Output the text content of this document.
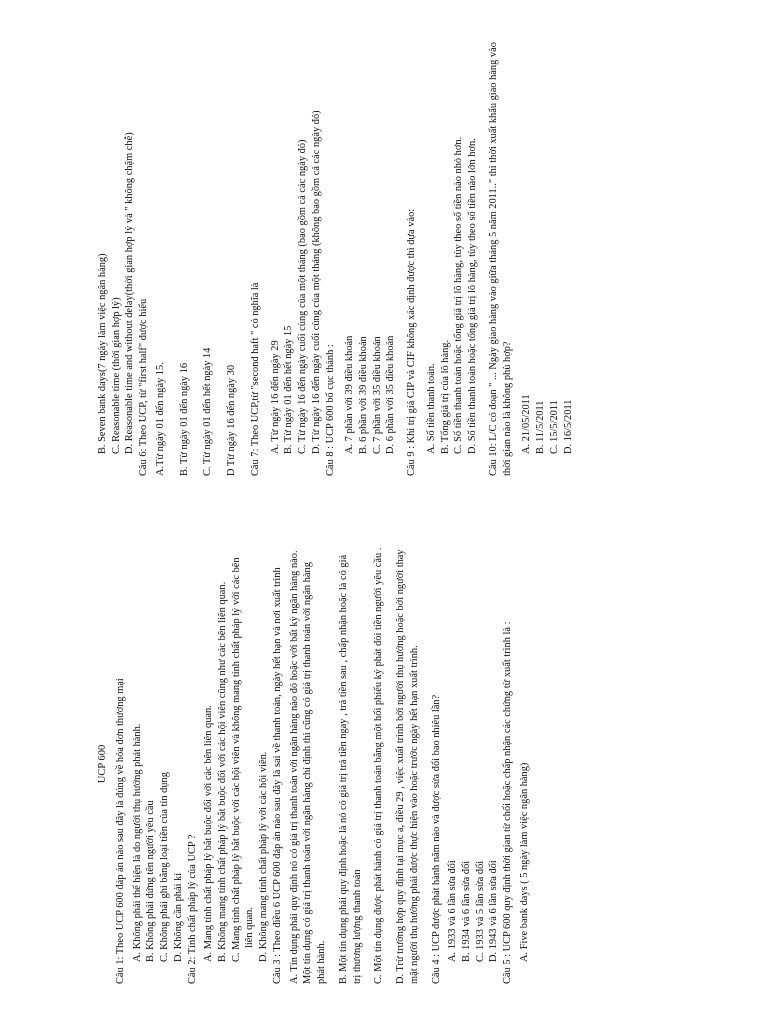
UCP 600 Câu 1: Theo UCP 600 đáp án nào sau đây là đúng về hóa đơn thương mại A. Không phải thể hiện là do người thụ hưởng phát hành. B. Không phải đứng tên người yêu cầu C. Không phải ghi bằng loại tiền của tín dụng D. Không cần phải kí Câu 2: Tính chất pháp lý của UCP ? A. Mang tính chất pháp lý bắt buộc đối với các bên liên quan. B. Không mang tính chất pháp lý bắt buộc đối với các hội viên cũng như các bên liên quan. C. Mang tính chất pháp lý bắt buộc với các hội viên và không mang tính chất pháp lý với các bên liên quan. D. Không mang tính chất pháp lý với các hội viên. Câu 3 : Theo điều 6 UCP 600 đáp án nào sau đây là sai về thanh toán, ngày hết hạn và nơi xuất trình A. Tín dụng phải quy định nó có giá trị thanh toán với ngân hàng nào đó hoặc với bất kỳ ngân hàng nào. Một tín dụng có giá trị thanh toán với ngân hàng chỉ định thì cũng có giá trị thanh toán với ngân hàng phát hành. B. Một tín dụng phải quy định hoặc là nó có giá trị trả tiền ngay , trả tiền sau , chấp nhận hoặc là có giá trị thương lượng thanh toán C. Một tín dụng được phát hành có giá trị thanh toán bằng một hối phiếu ký phát đòi tiền người yêu cầu . D. Trừ trường hợp quy định tại mục a, điều 29 , việc xuất trình bởi người thụ hưởng hoặc bởi người thay mặt người thụ hưởng phải được thực hiện vào hoặc trước ngày hết hạn xuất trình. Câu 4 : UCP được phát hành năm nào và được sửa đổi bao nhiêu lần? A. 1933 và 6 lần sửa đổi B. 1934 và 6 lần sửa đổi C. 1933 và 5 lần sửa đổi D. 1943 và 6 lần sửa đổi Câu 5 : UCP 600 quy định thời gian từ chối hoặc chấp nhận các chứng từ xuất trình là : A. Five bank days ( 5 ngày làm việc ngân hàng)
B. Seven bank days(7 ngày làm việc ngân hàng) C. Reasonable time (thời gian hợp lý) D. Reasonable time and without delay(thời gian hợp lý và " không chậm chễ) Câu 6: Theo UCP, từ "first half" được hiểu A.Từ ngày 01 đến ngày 15. B. Từ ngày 01 đến ngày 16 C. Từ ngày 01 đến hết ngày 14 D Từ ngày 16 đến ngày 30 Câu 7: Theo UCP,từ "second haft " có nghĩa là A. Từ ngày 16 đến ngày 29 B. Từ ngày 01 đến hết ngày 15 C. Từ ngày 16 đến ngày cuối cùng của một tháng (bao gồm cả các ngày đó) D. Từ ngày 16 đến ngày cuối cùng của một tháng (không bao gồm cả các ngày đó) Câu 8 : UCP 600 bố cục thành : A. 7 phần với 39 điều khoản B. 6 phần với 39 điều khoản C. 7 phần với 35 điều khoản D. 6 phần với 35 điều khoản Câu 9 : Khi trị giá CIP và CIF không xác định được thì dựa vào: A. Số tiền thanh toán. B. Tổng giá trị của lô hàng. C. Số tiền thanh toán hoặc tổng giá trị lô hàng, tùy theo số tiền nào nhỏ hơn. D. Số tiền thanh toán hoặc tổng giá trị lô hàng, tùy theo số tiền nào lớn hơn. Câu 10: L/C có đoạn " ... Ngày giao hàng vào giữa tháng 5 năm 2011.." thì thời xuất khẩu giao hàng vào thời gian nào là không phù hợp? A. 21/05/2011 B. 11/5/2011 C. 15/5/2011 D. 16/5/2011
